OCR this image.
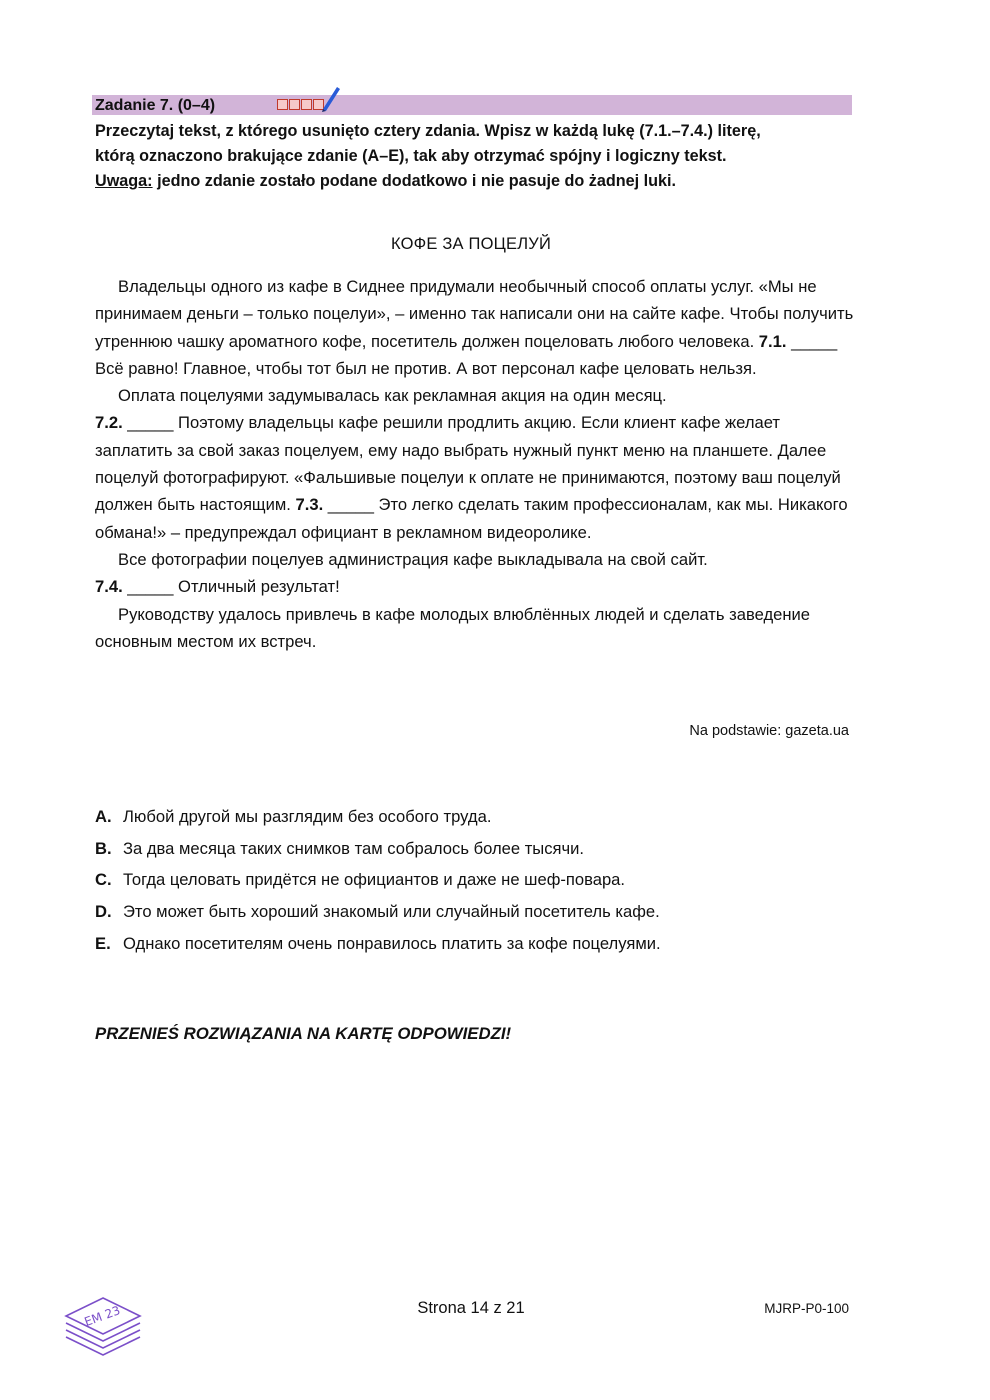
Zadanie 7. (0–4)
Przeczytaj tekst, z którego usunięto cztery zdania. Wpisz w każdą lukę (7.1.–7.4.) literę,
którą oznaczono brakujące zdanie (A–E), tak aby otrzymać spójny i logiczny tekst.
Uwaga: jedno zdanie zostało podane dodatkowo i nie pasuje do żadnej luki.
КОФЕ ЗА ПОЦЕЛУЙ

Владельцы одного из кафе в Сиднее придумали необычный способ оплаты услуг. «Мы не принимаем деньги – только поцелуи», – именно так написали они на сайте кафе. Чтобы получить утреннюю чашку ароматного кофе, посетитель должен поцеловать любого человека. 7.1. _____ Всё равно! Главное, чтобы тот был не против. А вот персонал кафе целовать нельзя.

Оплата поцелуями задумывалась как рекламная акция на один месяц.

7.2. _____ Поэтому владельцы кафе решили продлить акцию. Если клиент кафе желает заплатить за свой заказ поцелуем, ему надо выбрать нужный пункт меню на планшете. Далее поцелуй фотографируют. «Фальшивые поцелуи к оплате не принимаются, поэтому ваш поцелуй должен быть настоящим. 7.3. _____ Это легко сделать таким профессионалам, как мы. Никакого обмана!» – предупреждал официант в рекламном видеоролике.

Все фотографии поцелуев администрация кафе выкладывала на свой сайт.

7.4. _____ Отличный результат!

Руководству удалось привлечь в кафе молодых влюблённых людей и сделать заведение основным местом их встреч.

Na podstawie: gazeta.ua
A. Любой другой мы разглядим без особого труда.
B. За два месяца таких снимков там собралось более тысячи.
C. Тогда целовать придётся не официантов и даже не шеф-повара.
D. Это может быть хороший знакомый или случайный посетитель кафе.
E. Однако посетителям очень понравилось платить за кофе поцелуями.
PRZENIEŚ ROZWIĄZANIA NA KARTĘ ODPOWIEDZI!
EM 23	Strona 14 z 21	MJRP-P0-100
